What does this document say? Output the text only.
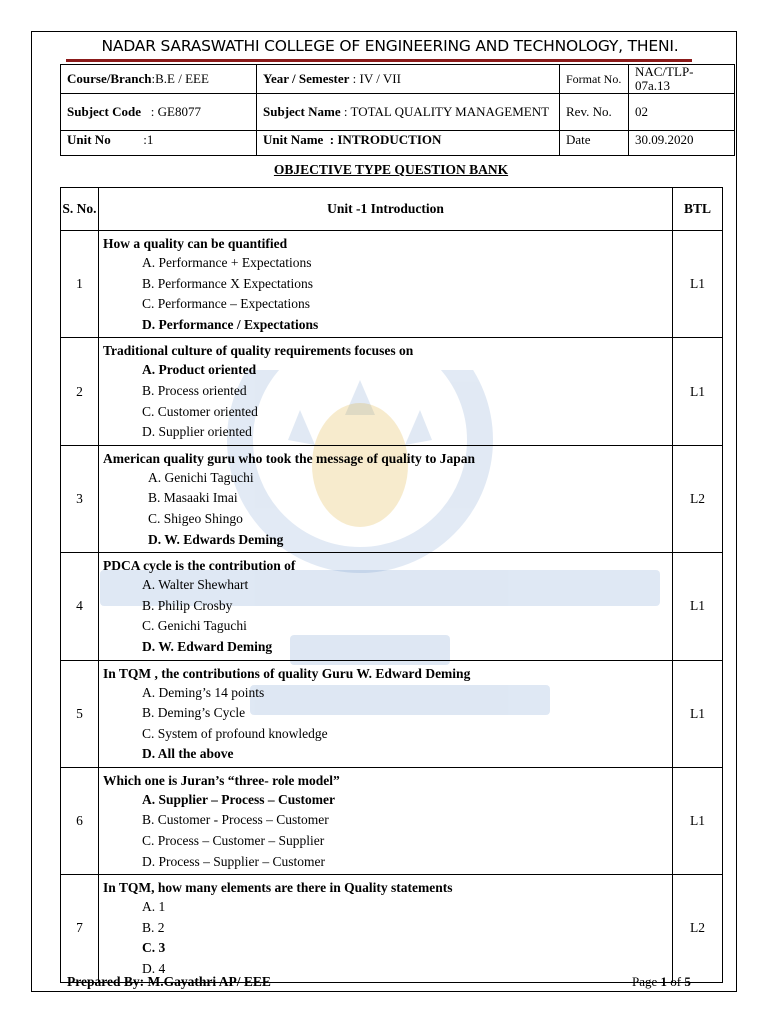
NADAR SARASWATHI COLLEGE OF ENGINEERING AND TECHNOLOGY, THENI.
Course/Branch:B.E / EEE	Year / Semester : IV / VII	Format No.	NAC/TLP-07a.13
Subject Code : GE8077	Subject Name : TOTAL QUALITY MANAGEMENT	Rev. No.	02
Unit No :1	Unit Name : INTRODUCTION	Date	30.09.2020
OBJECTIVE TYPE QUESTION BANK
S. No.	Unit -1 Introduction	BTL
1	How a quality can be quantified
A. Performance + Expectations
B. Performance X Expectations
C. Performance – Expectations
D. Performance / Expectations	L1
2	Traditional culture of quality requirements focuses on
A. Product oriented
B. Process oriented
C. Customer oriented
D. Supplier oriented	L1
3	American quality guru who took the message of quality to Japan
A. Genichi Taguchi
B. Masaaki Imai
C. Shigeo Shingo
D. W. Edwards Deming	L2
4	PDCA cycle is the contribution of
A. Walter Shewhart
B. Philip Crosby
C. Genichi Taguchi
D. W. Edward Deming	L1
5	In TQM , the contributions of quality Guru W. Edward Deming
A. Deming’s 14 points
B. Deming’s Cycle
C. System of profound knowledge
D. All the above	L1
6	Which one is Juran’s “three- role model”
A. Supplier – Process – Customer
B. Customer - Process – Customer
C. Process – Customer – Supplier
D. Process – Supplier – Customer	L1
7	In TQM, how many elements are there in Quality statements
A. 1
B. 2
C. 3
D. 4	L2
Prepared By: M.Gayathri AP/ EEE	Page 1 of 5
